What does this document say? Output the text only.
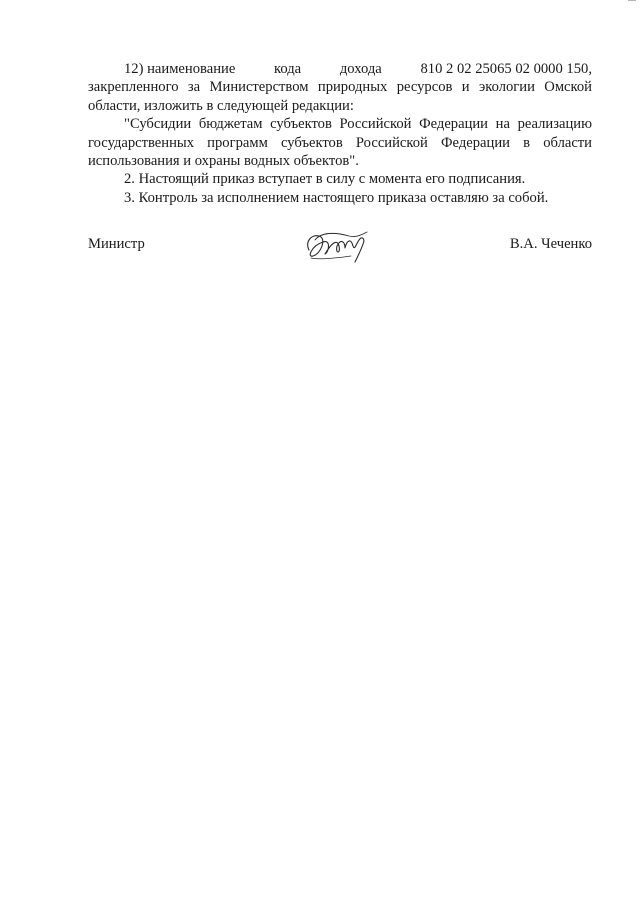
12) наименование	кода	дохода	810 2 02 25065 02 0000 150,

закрепленного за Министерством природных ресурсов и экологии Омской области, изложить в следующей редакции:

"Субсидии бюджетам субъектов Российской Федерации на реализацию государственных программ субъектов Российской Федерации в области использования и охраны водных объектов".

2. Настоящий приказ вступает в силу с момента его подписания.

3. Контроль за исполнением настоящего приказа оставляю за собой.

Министр	В.А. Чеченко
